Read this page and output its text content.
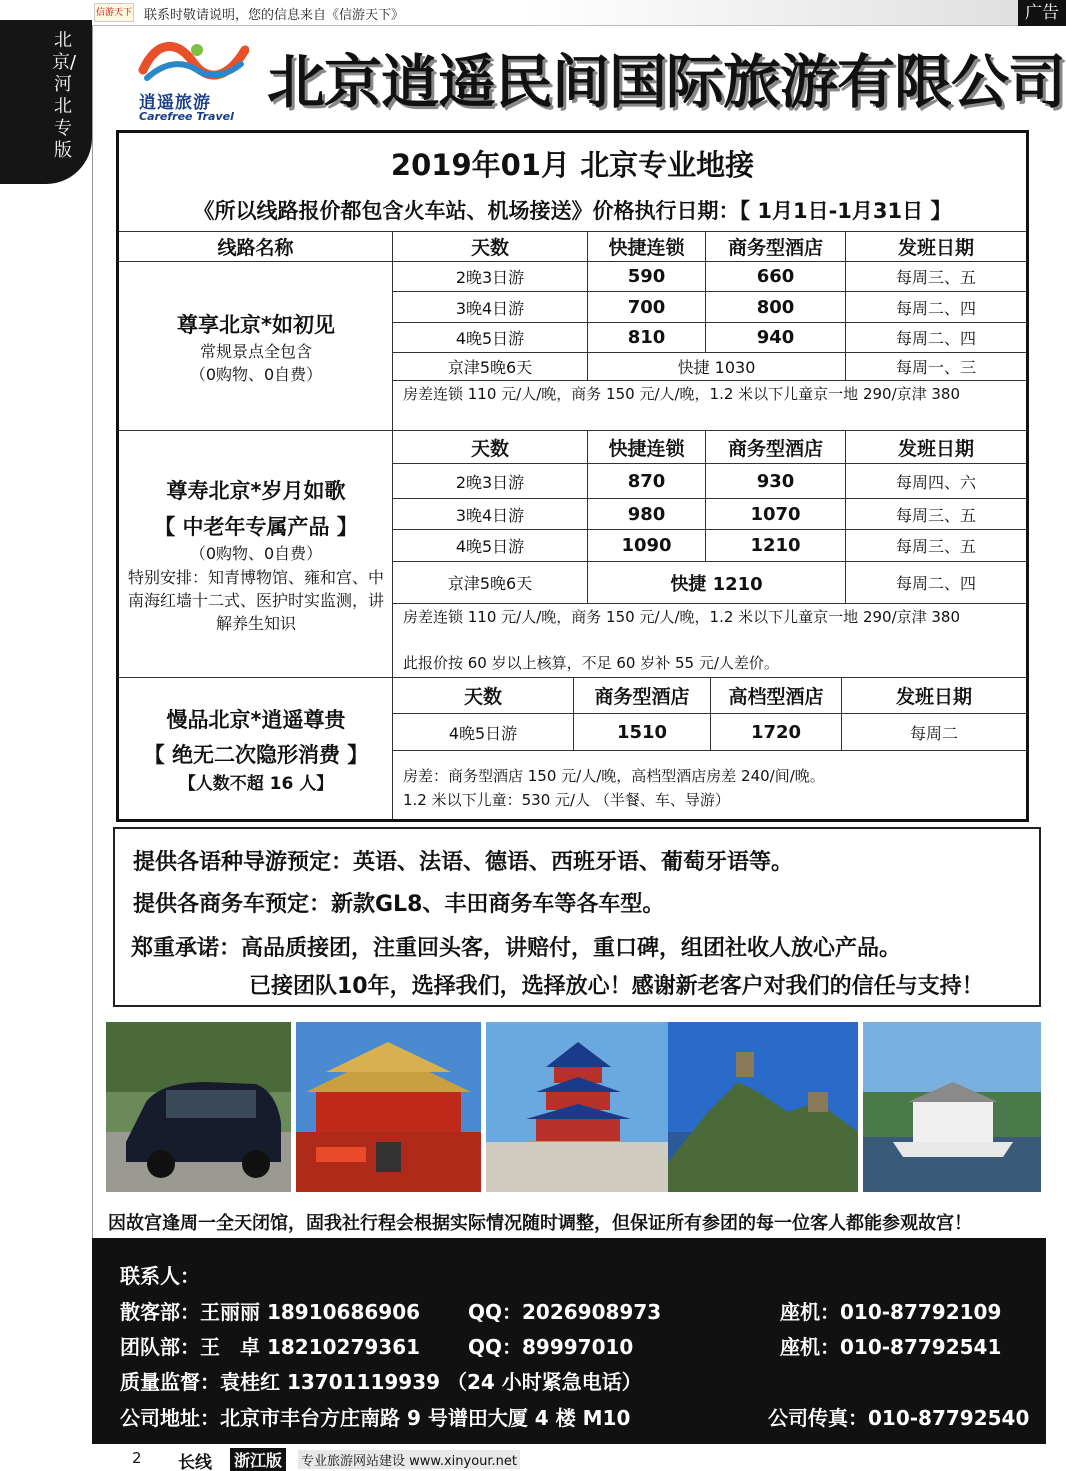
信游天下 联系时敬请说明，您的信息来自《信游天下》	广告
北京/河北专版
逍遥旅游
Carefree Travel
北京逍遥民间国际旅游有限公司
2019年01月 北京专业地接
《所以线路报价都包含火车站、机场接送》价格执行日期：【 1月1日-1月31日 】
线路名称	天数	快捷连锁	商务型酒店	发班日期
尊享北京*如初见
常规景点全包含
（0购物、0自费）
2晚3日游	590	660	每周三、五
3晚4日游	700	800	每周二、四
4晚5日游	810	940	每周二、四
京津5晚6天	快捷 1030	每周一、三
房差连锁 110 元/人/晚，商务 150 元/人/晚，1.2 米以下儿童京一地 290/京津 380
尊寿北京*岁月如歌
【 中老年专属产品 】
（0购物、0自费）
特别安排：知青博物馆、雍和宫、中南海红墙十二式、医护时实监测，讲解养生知识
天数	快捷连锁	商务型酒店	发班日期
2晚3日游	870	930	每周四、六
3晚4日游	980	1070	每周三、五
4晚5日游	1090	1210	每周三、五
京津5晚6天	快捷 1210	每周二、四
房差连锁 110 元/人/晚，商务 150 元/人/晚，1.2 米以下儿童京一地 290/京津 380
此报价按 60 岁以上核算，不足 60 岁补 55 元/人差价。
慢品北京*逍遥尊贵
【 绝无二次隐形消费 】
【人数不超 16 人】
天数	商务型酒店	高档型酒店	发班日期
4晚5日游	1510	1720	每周二
房差：商务型酒店 150 元/人/晚，高档型酒店房差 240/间/晚。
1.2 米以下儿童：530 元/人 （半餐、车、导游）
提供各语种导游预定：英语、法语、德语、西班牙语、葡萄牙语等。
提供各商务车预定：新款GL8、丰田商务车等各车型。
郑重承诺：高品质接团，注重回头客，讲赔付，重口碑，组团社收人放心产品。
已接团队10年，选择我们，选择放心！感谢新老客户对我们的信任与支持！
因故宫逢周一全天闭馆，固我社行程会根据实际情况随时调整，但保证所有参团的每一位客人都能参观故宫！
联系人：
散客部：王丽丽 18910686906 QQ：2026908973	座机：010-87792109
团队部：王　卓 18210279361 QQ：89997010	座机：010-87792541
质量监督：袁桂红 13701119939 （24 小时紧急电话）
公司地址：北京市丰台方庄南路 9 号谱田大厦 4 楼 M10	公司传真：010-87792540
2 长线 浙江版	专业旅游网站建设 www.xinyour.net
